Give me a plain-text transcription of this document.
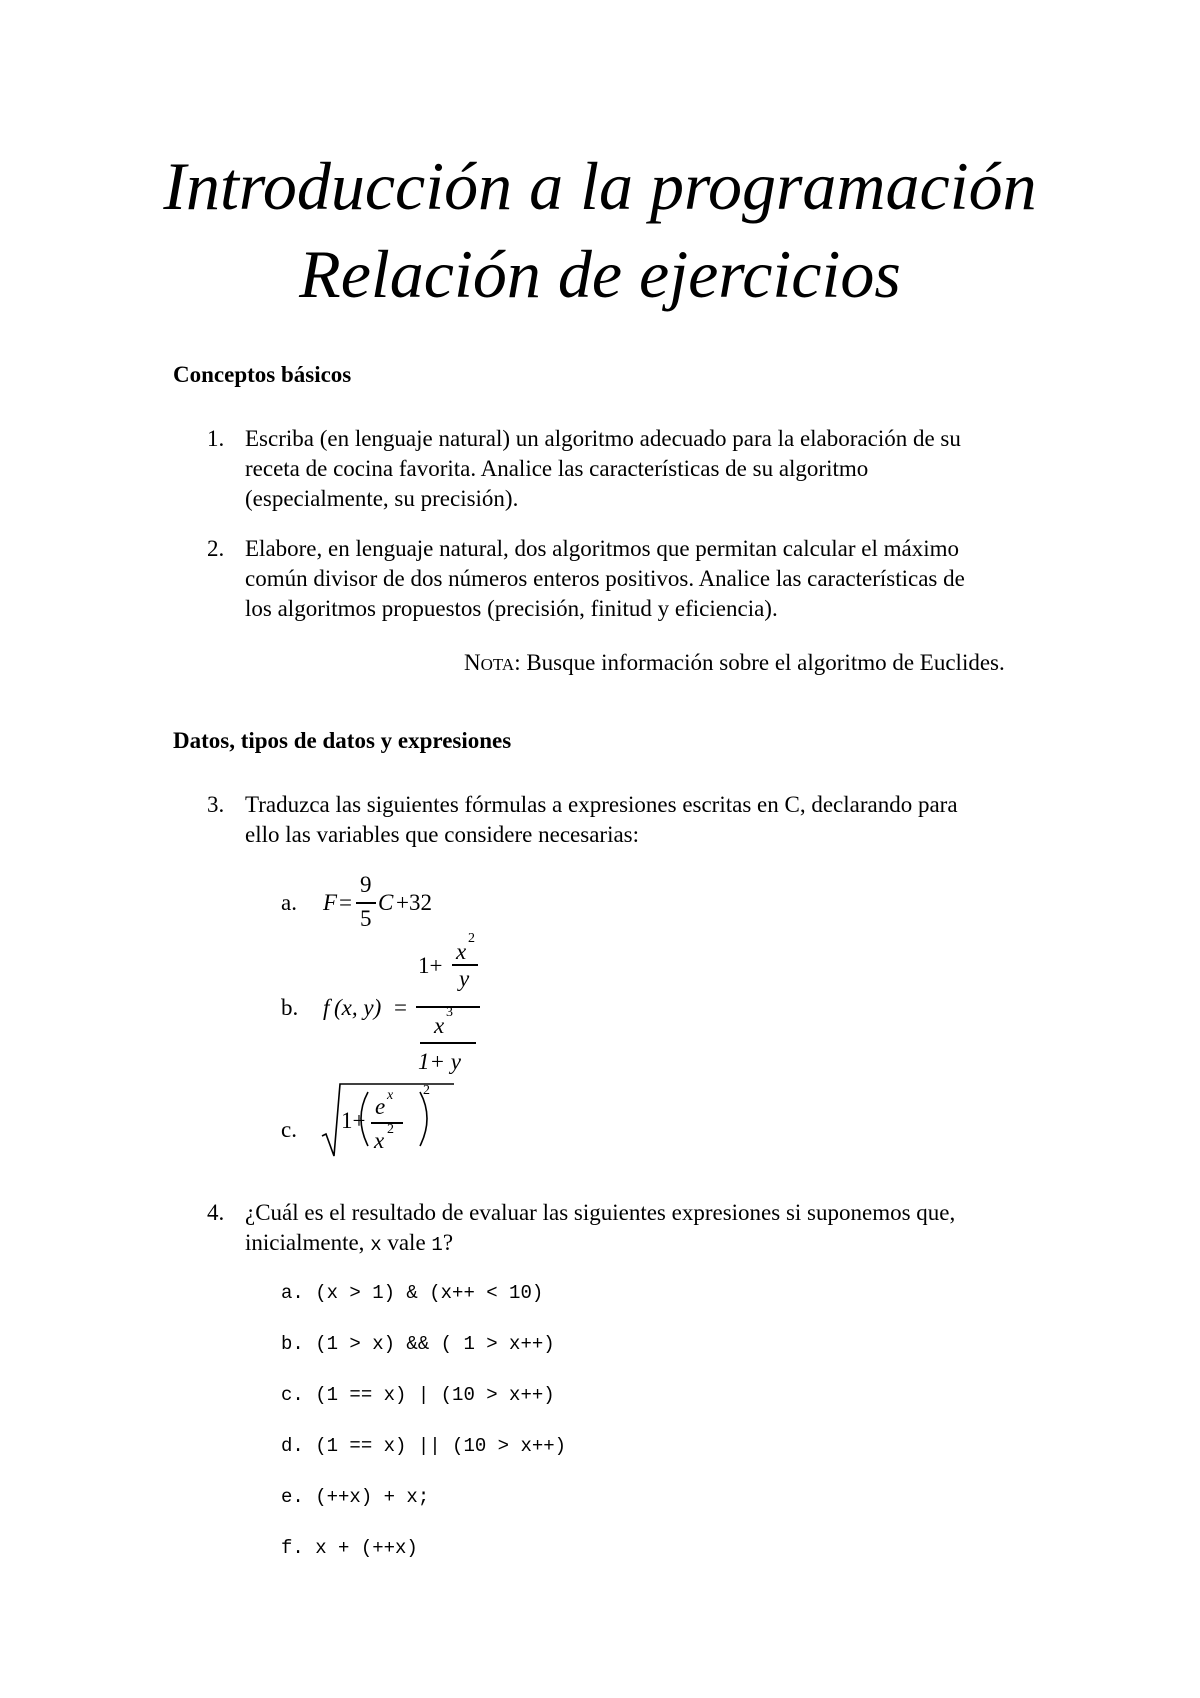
Introducción a la programación
Relación de ejercicios
Conceptos básicos
1. Escriba (en lenguaje natural) un algoritmo adecuado para la elaboración de su
receta de cocina favorita. Analice las características de su algoritmo
(especialmente, su precisión).
2. Elabore, en lenguaje natural, dos algoritmos que permitan calcular el máximo
común divisor de dos números enteros positivos. Analice las características de
los algoritmos propuestos (precisión, finitud y eficiencia).
NOTA: Busque información sobre el algoritmo de Euclides.
Datos, tipos de datos y expresiones
3. Traduzca las siguientes fórmulas a expresiones escritas en C, declarando para
ello las variables que considere necesarias:
a. F =
9
5
C +32
b. f (x, y) =
1+
x
2
y
x
3
1+ y
c. 1+
e x
x 2
2
4. ¿Cuál es el resultado de evaluar las siguientes expresiones si suponemos que,
inicialmente, x vale 1?
a. (x > 1) & (x++ < 10)
b. (1 > x) && ( 1 > x++)
c. (1 == x) | (10 > x++)
d. (1 == x) || (10 > x++)
e. (++x) + x;
f. x + (++x)
